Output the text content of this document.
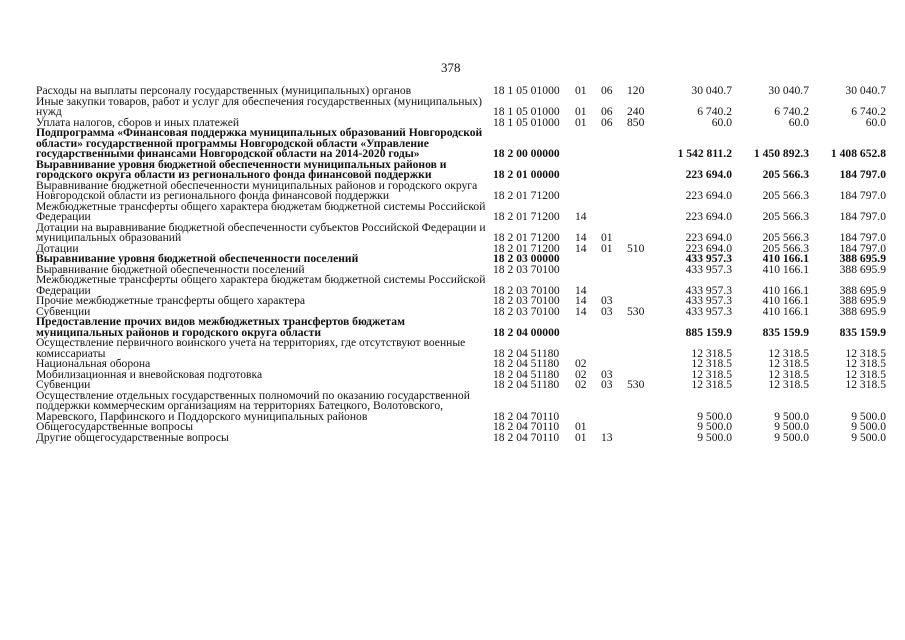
378
Расходы на выплаты персоналу государственных (муниципальных) органов	18 1 05 01000	01	06	120	30 040.7	30 040.7	30 040.7
Иные закупки товаров, работ и услуг для обеспечения государственных (муниципальных) нужд	18 1 05 01000	01	06	240	6 740.2	6 740.2	6 740.2
Уплата налогов, сборов и иных платежей	18 1 05 01000	01	06	850	60.0	60.0	60.0
Подпрограмма «Финансовая поддержка муниципальных образований Новгородской области» государственной программы Новгородской области «Управление государственными финансами Новгородской области на 2014-2020 годы»	18 2 00 00000				1 542 811.2	1 450 892.3	1 408 652.8
Выравнивание уровня бюджетной обеспеченности муниципальных районов и городского округа области из регионального фонда финансовой поддержки	18 2 01 00000				223 694.0	205 566.3	184 797.0
Выравнивание бюджетной обеспеченности муниципальных районов и городского округа Новгородской области из регионального фонда финансовой поддержки	18 2 01 71200				223 694.0	205 566.3	184 797.0
Межбюджетные трансферты общего характера бюджетам бюджетной системы Российской Федерации	18 2 01 71200	14			223 694.0	205 566.3	184 797.0
Дотации на выравнивание бюджетной обеспеченности субъектов Российской Федерации и муниципальных образований	18 2 01 71200	14	01		223 694.0	205 566.3	184 797.0
Дотации	18 2 01 71200	14	01	510	223 694.0	205 566.3	184 797.0
Выравнивание уровня бюджетной обеспеченности поселений	18 2 03 00000				433 957.3	410 166.1	388 695.9
Выравнивание бюджетной обеспеченности поселений	18 2 03 70100				433 957.3	410 166.1	388 695.9
Межбюджетные трансферты общего характера бюджетам бюджетной системы Российской Федерации	18 2 03 70100	14			433 957.3	410 166.1	388 695.9
Прочие межбюджетные трансферты общего характера	18 2 03 70100	14	03		433 957.3	410 166.1	388 695.9
Субвенции	18 2 03 70100	14	03	530	433 957.3	410 166.1	388 695.9
Предоставление прочих видов межбюджетных трансфертов бюджетам муниципальных районов и городского округа области	18 2 04 00000				885 159.9	835 159.9	835 159.9
Осуществление первичного воинского учета на территориях, где отсутствуют военные комиссариаты	18 2 04 51180				12 318.5	12 318.5	12 318.5
Национальная оборона	18 2 04 51180	02			12 318.5	12 318.5	12 318.5
Мобилизационная и вневойсковая подготовка	18 2 04 51180	02	03		12 318.5	12 318.5	12 318.5
Субвенции	18 2 04 51180	02	03	530	12 318.5	12 318.5	12 318.5
Осуществление отдельных государственных полномочий по оказанию государственной поддержки коммерческим организациям на территориях Батецкого, Волотовского, Маревского, Парфинского и Поддорского муниципальных районов	18 2 04 70110				9 500.0	9 500.0	9 500.0
Общегосударственные вопросы	18 2 04 70110	01			9 500.0	9 500.0	9 500.0
Другие общегосударственные вопросы	18 2 04 70110	01	13		9 500.0	9 500.0	9 500.0
